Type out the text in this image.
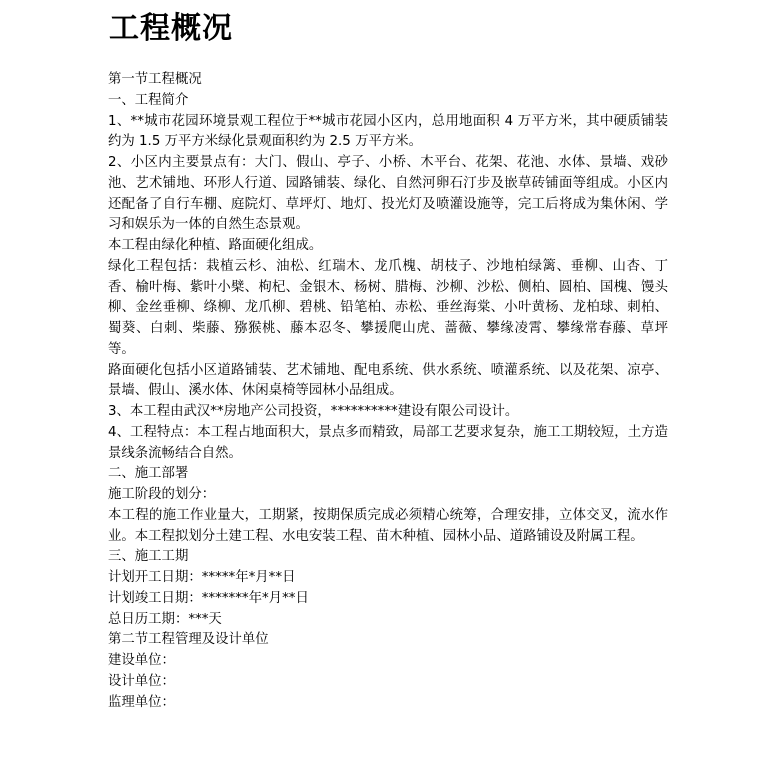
工程概况

第一节工程概况

一、工程简介

1、**城市花园环境景观工程位于**城市花园小区内，总用地面积 4 万平方米，其中硬质铺装约为 1.5 万平方米绿化景观面积约为 2.5 万平方米。

2、小区内主要景点有：大门、假山、亭子、小桥、木平台、花架、花池、水体、景墙、戏砂池、艺术铺地、环形人行道、园路铺装、绿化、自然河卵石汀步及嵌草砖铺面等组成。小区内还配备了自行车棚、庭院灯、草坪灯、地灯、投光灯及喷灌设施等，完工后将成为集休闲、学习和娱乐为一体的自然生态景观。

本工程由绿化种植、路面硬化组成。

绿化工程包括：栽植云杉、油松、红瑞木、龙爪槐、胡枝子、沙地柏绿篱、垂柳、山杏、丁香、榆叶梅、紫叶小檗、枸杞、金银木、杨树、腊梅、沙柳、沙松、侧柏、圆柏、国槐、馒头柳、金丝垂柳、绦柳、龙爪柳、碧桃、铅笔柏、赤松、垂丝海棠、小叶黄杨、龙柏球、刺柏、蜀葵、白刺、柴藤、猕猴桃、藤本忍冬、攀援爬山虎、蔷薇、攀缘凌霄、攀缘常春藤、草坪等。

路面硬化包括小区道路铺装、艺术铺地、配电系统、供水系统、喷灌系统、以及花架、凉亭、景墙、假山、溪水体、休闲桌椅等园林小品组成。

3、本工程由武汉**房地产公司投资，**********建设有限公司设计。

4、工程特点：本工程占地面积大，景点多而精致，局部工艺要求复杂，施工工期较短，土方造景线条流畅结合自然。

二、施工部署

施工阶段的划分：

本工程的施工作业量大，工期紧，按期保质完成必须精心统筹，合理安排，立体交叉，流水作业。本工程拟划分土建工程、水电安装工程、苗木种植、园林小品、道路铺设及附属工程。

三、施工工期

计划开工日期：*****年*月**日

计划竣工日期：*******年*月**日

总日历工期：***天

第二节工程管理及设计单位

建设单位：

设计单位：

监理单位：
